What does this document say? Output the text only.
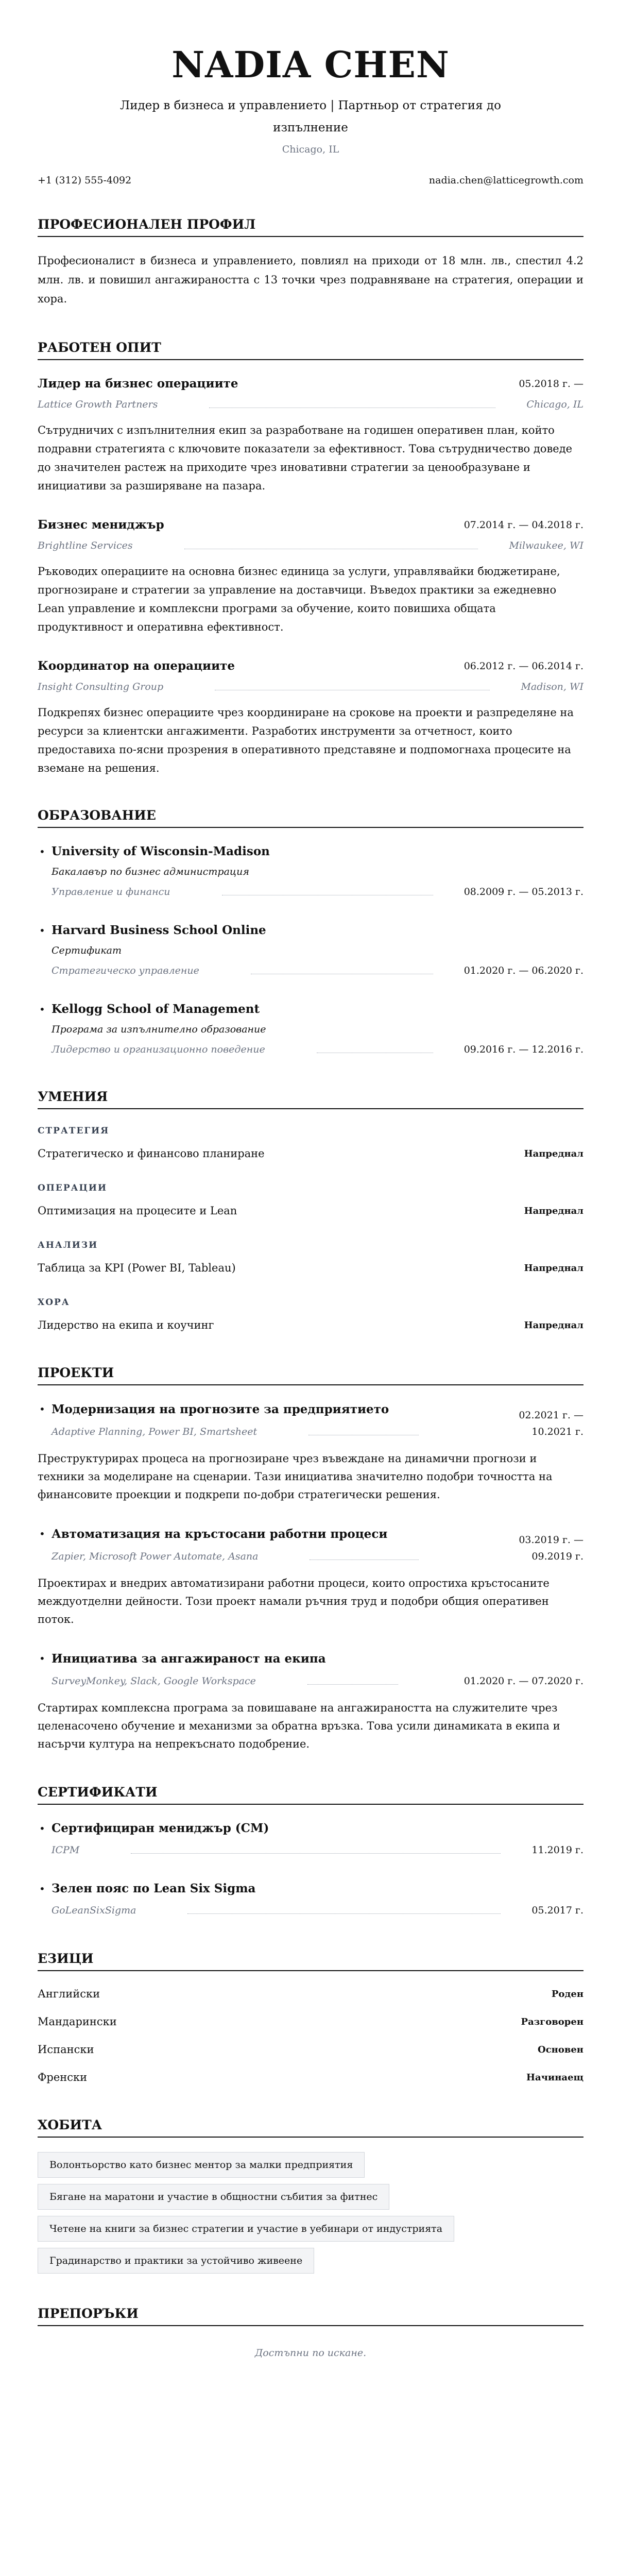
NADIA CHEN
Лидер в бизнеса и управлението | Партньор от стратегия до изпълнение
Chicago, IL
+1 (312) 555-4092	nadia.chen@latticegrowth.com
ПРОФЕСИОНАЛЕН ПРОФИЛ

Професионалист в бизнеса и управлението, повлиял на приходи от 18 млн. лв., спестил 4.2 млн. лв. и повишил ангажираността с 13 точки чрез подравняване на стратегия, операции и хора.

РАБОТЕН ОПИТ
Лидер на бизнес операциите	05.2018 г. —
Lattice Growth Partners	Chicago, IL

Сътрудничих с изпълнителния екип за разработване на годишен оперативен план, който подравни стратегията с ключовите показатели за ефективност. Това сътрудничество доведе до значителен растеж на приходите чрез иновативни стратегии за ценообразуване и инициативи за разширяване на пазара.

Бизнес мениджър	07.2014 г. — 04.2018 г.
Brightline Services	Milwaukee, WI

Ръководих операциите на основна бизнес единица за услуги, управлявайки бюджетиране, прогнозиране и стратегии за управление на доставчици. Въведох практики за ежедневно Lean управление и комплексни програми за обучение, които повишиха общата продуктивност и оперативна ефективност.

Координатор на операциите	06.2012 г. — 06.2014 г.
Insight Consulting Group	Madison, WI

Подкрепях бизнес операциите чрез координиране на срокове на проекти и разпределяне на ресурси за клиентски ангажименти. Разработих инструменти за отчетност, които предоставиха по-ясни прозрения в оперативното представяне и подпомогнаха процесите на вземане на решения.

ОБРАЗОВАНИЕ
• University of Wisconsin-Madison
Бакалавър по бизнес администрация
Управление и финанси	08.2009 г. — 05.2013 г.
• Harvard Business School Online
Сертификат
Стратегическо управление	01.2020 г. — 06.2020 г.
• Kellogg School of Management
Програма за изпълнително образование
Лидерство и организационно поведение	09.2016 г. — 12.2016 г.
УМЕНИЯ
СТРАТЕГИЯ
Стратегическо и финансово планиране	Напреднал
ОПЕРАЦИИ
Оптимизация на процесите и Lean	Напреднал
АНАЛИЗИ
Таблица за KPI (Power BI, Tableau)	Напреднал
ХОРА
Лидерство на екипа и коучинг	Напреднал
ПРОЕКТИ
• Модернизация на прогнозите за предприятието
Adaptive Planning, Power BI, Smartsheet
02.2021 г. — 10.2021 г.

Преструктурирах процеса на прогнозиране чрез въвеждане на динамични прогнози и техники за моделиране на сценарии. Тази инициатива значително подобри точността на финансовите проекции и подкрепи по-добри стратегически решения.

• Автоматизация на кръстосани работни процеси
Zapier, Microsoft Power Automate, Asana
03.2019 г. — 09.2019 г.

Проектирах и внедрих автоматизирани работни процеси, които опростиха кръстосаните междуотделни дейности. Този проект намали ръчния труд и подобри общия оперативен поток.

• Инициатива за ангажираност на екипа
SurveyMonkey, Slack, Google Workspace	01.2020 г. — 07.2020 г.

Стартирах комплексна програма за повишаване на ангажираността на служителите чрез целенасочено обучение и механизми за обратна връзка. Това усили динамиката в екипа и насърчи култура на непрекъснато подобрение.

СЕРТИФИКАТИ
• Сертифициран мениджър (CM)
ICPM	11.2019 г.
• Зелен пояс по Lean Six Sigma
GoLeanSixSigma	05.2017 г.
ЕЗИЦИ
Английски	Роден
Мандарински	Разговорен
Испански	Основен
Френски	Начинаещ
ХОБИТА
Волонтьорство като бизнес ментор за малки предприятия
Бягане на маратони и участие в общностни събития за фитнес
Четене на книги за бизнес стратегии и участие в уебинари от индустрията
Градинарство и практики за устойчиво живеене
ПРЕПОРЪКИ

Достъпни по искане.
